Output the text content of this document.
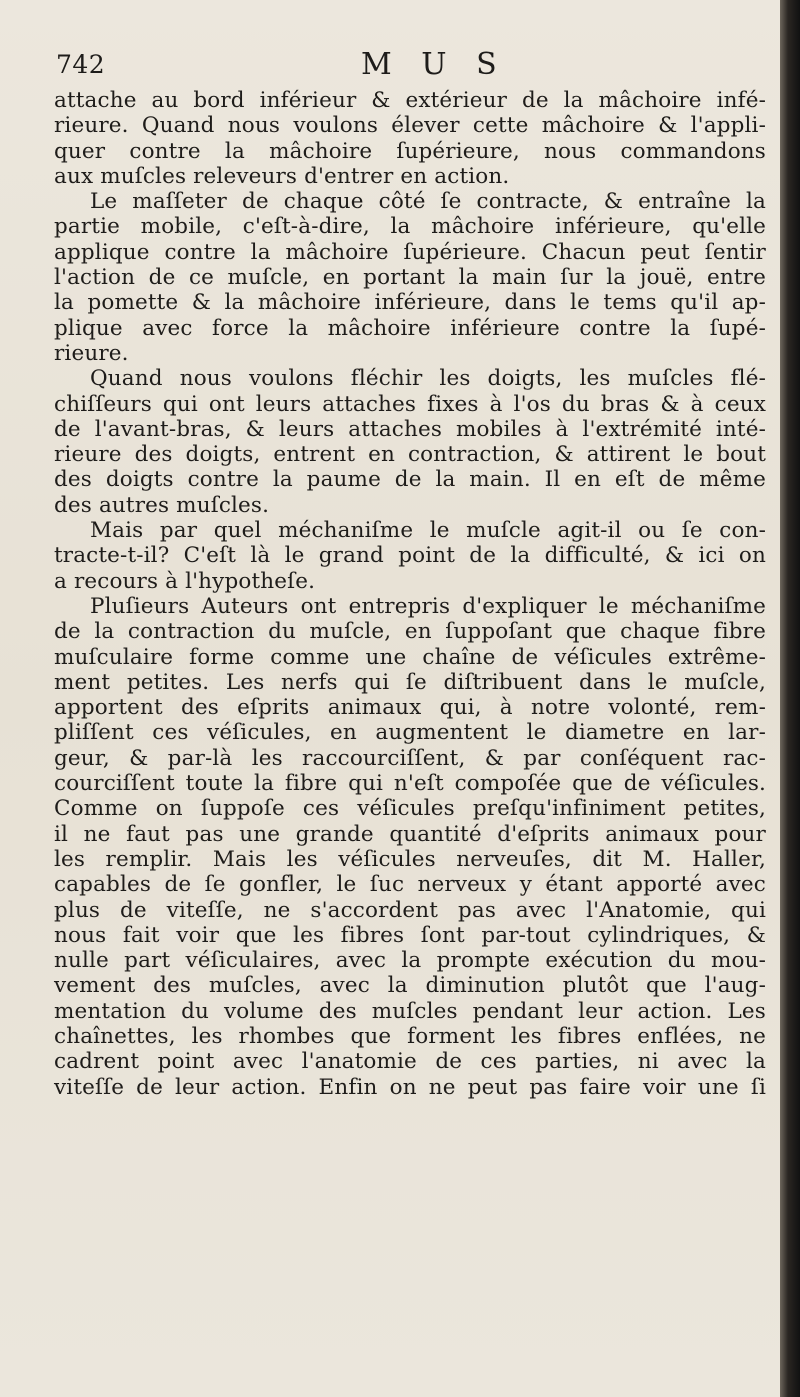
742	M U S
attache au bord inférieur & extérieur de la mâchoire infé-
rieure. Quand nous voulons élever cette mâchoire & l'appli-
quer contre la mâchoire ſupérieure, nous commandons
aux muſcles releveurs d'entrer en action.
Le maſſeter de chaque côté ſe contracte, & entraîne la
partie mobile, c'eſt-à-dire, la mâchoire inférieure, qu'elle
applique contre la mâchoire ſupérieure. Chacun peut ſentir
l'action de ce muſcle, en portant la main ſur la jouë, entre
la pomette & la mâchoire inférieure, dans le tems qu'il ap-
plique avec force la mâchoire inférieure contre la ſupé-
rieure.
Quand nous voulons fléchir les doigts, les muſcles flé-
chiſſeurs qui ont leurs attaches fixes à l'os du bras & à ceux
de l'avant-bras, & leurs attaches mobiles à l'extrémité inté-
rieure des doigts, entrent en contraction, & attirent le bout
des doigts contre la paume de la main. Il en eſt de même
des autres muſcles.
Mais par quel méchaniſme le muſcle agit-il ou ſe con-
tracte-t-il? C'eſt là le grand point de la difficulté, & ici on
a recours à l'hypotheſe.
Pluſieurs Auteurs ont entrepris d'expliquer le méchaniſme
de la contraction du muſcle, en ſuppoſant que chaque fibre
muſculaire forme comme une chaîne de véſicules extrême-
ment petites. Les nerfs qui ſe diſtribuent dans le muſcle,
apportent des eſprits animaux qui, à notre volonté, rem-
pliſſent ces véſicules, en augmentent le diametre en lar-
geur, & par-là les raccourciſſent, & par conſéquent rac-
courciſſent toute la fibre qui n'eſt compoſée que de véſicules.
Comme on ſuppoſe ces véſicules preſqu'infiniment petites,
il ne faut pas une grande quantité d'eſprits animaux pour
les remplir. Mais les véſicules nerveuſes, dit M. Haller,
capables de ſe gonfler, le ſuc nerveux y étant apporté avec
plus de viteſſe, ne s'accordent pas avec l'Anatomie, qui
nous fait voir que les fibres ſont par-tout cylindriques, &
nulle part véſiculaires, avec la prompte exécution du mou-
vement des muſcles, avec la diminution plutôt que l'aug-
mentation du volume des muſcles pendant leur action. Les
chaînettes, les rhombes que forment les fibres enflées, ne
cadrent point avec l'anatomie de ces parties, ni avec la
viteſſe de leur action. Enfin on ne peut pas faire voir une ſi
